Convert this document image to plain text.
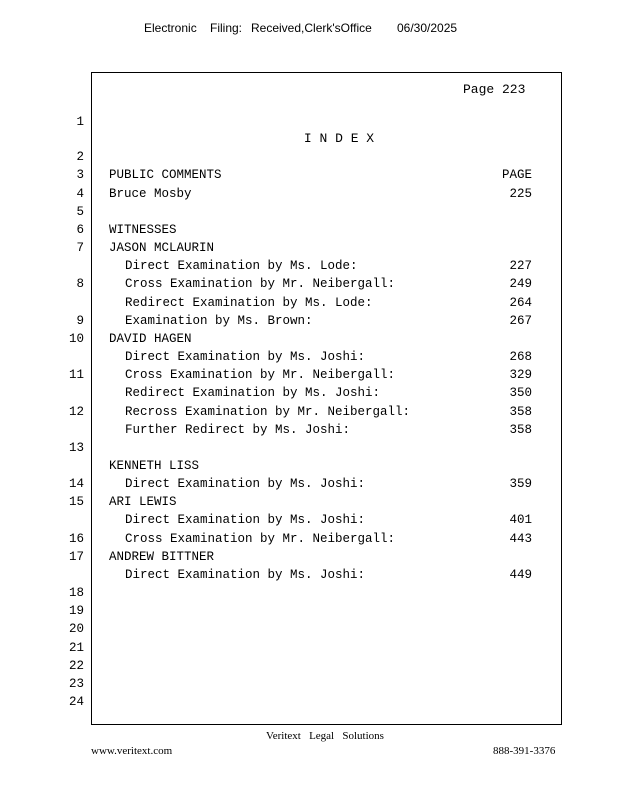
Electronic Filing: Received,Clerk'sOffice 06/30/2025
Page 223
1
2
3
4
5
6
7
8
9
10
11
12
13
14
15
16
17
18
19
20
21
22
23
24
I N D E X
PUBLIC COMMENTS	PAGE
Bruce Mosby	225
WITNESSES
JASON MCLAURIN
Direct Examination by Ms. Lode:	227
Cross Examination by Mr. Neibergall:	249
Redirect Examination by Ms. Lode:	264
Examination by Ms. Brown:	267
DAVID HAGEN
Direct Examination by Ms. Joshi:	268
Cross Examination by Mr. Neibergall:	329
Redirect Examination by Ms. Joshi:	350
Recross Examination by Mr. Neibergall:	358
Further Redirect by Ms. Joshi:	358
KENNETH LISS
Direct Examination by Ms. Joshi:	359
ARI LEWIS
Direct Examination by Ms. Joshi:	401
Cross Examination by Mr. Neibergall:	443
ANDREW BITTNER
Direct Examination by Ms. Joshi:	449
Veritext   Legal   Solutions
www.veritext.com	888-391-3376
